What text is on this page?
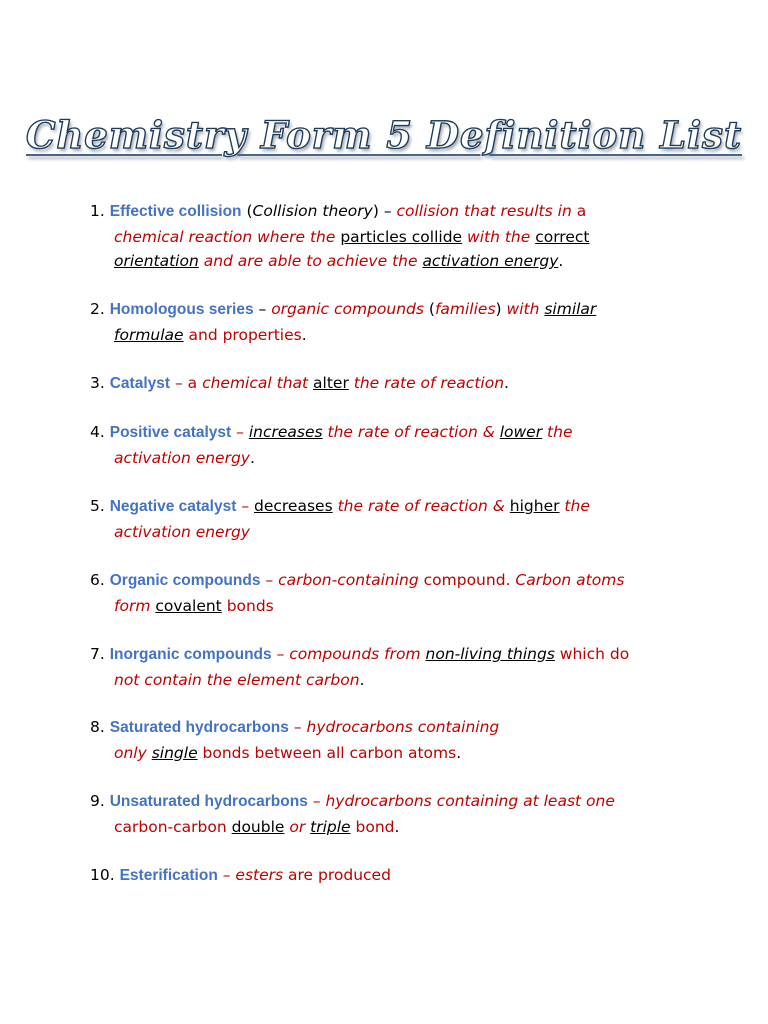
Chemistry Form 5 Definition List
1. Effective collision (Collision theory) – collision that results in a
chemical reaction where the particles collide with the correct
orientation and are able to achieve the activation energy.
2. Homologous series – organic compounds (families) with similar
formulae and properties.
3. Catalyst – a chemical that alter the rate of reaction.
4. Positive catalyst – increases the rate of reaction & lower the
activation energy.
5. Negative catalyst – decreases the rate of reaction & higher the
activation energy
6. Organic compounds – carbon-containing compound. Carbon atoms
form covalent bonds
7. Inorganic compounds – compounds from non-living things which do
not contain the element carbon.
8. Saturated hydrocarbons – hydrocarbons containing
only single bonds between all carbon atoms.
9. Unsaturated hydrocarbons – hydrocarbons containing at least one
carbon-carbon double or triple bond.
10. Esterification – esters are produced
